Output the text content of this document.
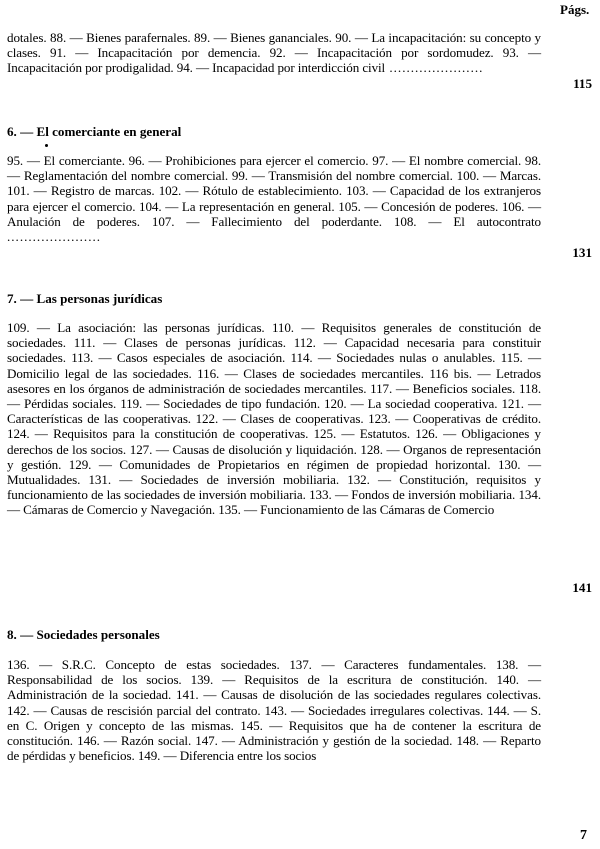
Págs.
dotales. 88. — Bienes parafernales. 89. — Bienes gananciales. 90. — La incapacitación: su concepto y clases. 91. — Incapacitación por demencia. 92. — Incapacitación por sordomudez. 93. — Incapacitación por prodigalidad. 94. — Incapacidad por interdicción civil ......................
115
6. — El comerciante en general
95. — El comerciante. 96. — Prohibiciones para ejercer el comercio. 97. — El nombre comercial. 98. — Reglamentación del nombre comercial. 99. — Transmisión del nombre comercial. 100. — Marcas. 101. — Registro de marcas. 102. — Rótulo de establecimiento. 103. — Capacidad de los extranjeros para ejercer el comercio. 104. — La representación en general. 105. — Concesión de poderes. 106. — Anulación de poderes. 107. — Fallecimiento del poderdante. 108. — El autocontrato ......................
131
7. — Las personas jurídicas
109. — La asociación: las personas jurídicas. 110. — Requisitos generales de constitución de sociedades. 111. — Clases de personas jurídicas. 112. — Capacidad necesaria para constituir sociedades. 113. — Casos especiales de asociación. 114. — Sociedades nulas o anulables. 115. — Domicilio legal de las sociedades. 116. — Clases de sociedades mercantiles. 116 bis. — Letrados asesores en los órganos de administración de sociedades mercantiles. 117. — Beneficios sociales. 118. — Pérdidas sociales. 119. — Sociedades de tipo fundación. 120. — La sociedad cooperativa. 121. — Características de las cooperativas. 122. — Clases de cooperativas. 123. — Cooperativas de crédito. 124. — Requisitos para la constitución de cooperativas. 125. — Estatutos. 126. — Obligaciones y derechos de los socios. 127. — Causas de disolución y liquidación. 128. — Organos de representación y gestión. 129. — Comunidades de Propietarios en régimen de propiedad horizontal. 130. — Mutualidades. 131. — Sociedades de inversión mobiliaria. 132. — Constitución, requisitos y funcionamiento de las sociedades de inversión mobiliaria. 133. — Fondos de inversión mobiliaria. 134. — Cámaras de Comercio y Navegación. 135. — Funcionamiento de las Cámaras de Comercio
141
8. — Sociedades personales
136. — S.R.C. Concepto de estas sociedades. 137. — Caracteres fundamentales. 138. — Responsabilidad de los socios. 139. — Requisitos de la escritura de constitución. 140. — Administración de la sociedad. 141. — Causas de disolución de las sociedades regulares colectivas. 142. — Causas de rescisión parcial del contrato. 143. — Sociedades irregulares colectivas. 144. — S. en C. Origen y concepto de las mismas. 145. — Requisitos que ha de contener la escritura de constitución. 146. — Razón social. 147. — Administración y gestión de la sociedad. 148. — Reparto de pérdidas y beneficios. 149. — Diferencia entre los socios
7
